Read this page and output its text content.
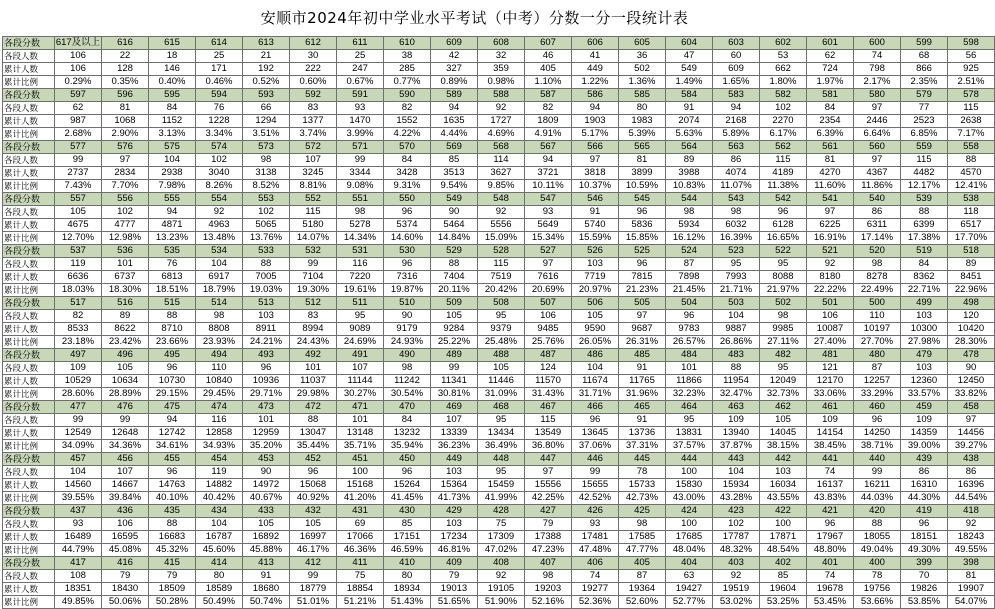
安顺市2024年初中学业水平考试（中考）分数一分一段统计表
各段分数	617及以上	616	615	614	613	612	611	610	609	608	607	606	605	604	603	602	601	600	599	598
各段人数	106	22	18	25	21	30	25	38	42	32	46	41	36	47	60	53	62	74	68	56
累计人数	106	128	146	171	192	222	247	285	327	359	405	449	502	549	609	662	724	798	866	925
累计比例	0.29%	0.35%	0.40%	0.46%	0.52%	0.60%	0.67%	0.77%	0.89%	0.98%	1.10%	1.22%	1.36%	1.49%	1.65%	1.80%	1.97%	2.17%	2.35%	2.51%
各段分数	597	596	595	594	593	592	591	590	589	588	587	586	585	584	583	582	581	580	579	578
各段人数	62	81	84	76	66	83	93	82	94	92	82	94	80	91	94	102	84	97	77	115
累计人数	987	1068	1152	1228	1294	1377	1470	1552	1635	1727	1809	1903	1983	2074	2168	2270	2354	2446	2523	2638
累计比例	2.68%	2.90%	3.13%	3.34%	3.51%	3.74%	3.99%	4.22%	4.44%	4.69%	4.91%	5.17%	5.39%	5.63%	5.89%	6.17%	6.39%	6.64%	6.85%	7.17%
各段分数	577	576	575	574	573	572	571	570	569	568	567	566	565	564	563	562	561	560	559	558
各段人数	99	97	104	102	98	107	99	84	85	114	94	97	81	89	86	115	81	97	115	88
累计人数	2737	2834	2938	3040	3138	3245	3344	3428	3513	3627	3721	3818	3899	3988	4074	4189	4270	4367	4482	4570
累计比例	7.43%	7.70%	7.98%	8.26%	8.52%	8.81%	9.08%	9.31%	9.54%	9.85%	10.11%	10.37%	10.59%	10.83%	11.07%	11.38%	11.60%	11.86%	12.17%	12.41%
各段分数	557	556	555	554	553	552	551	550	549	548	547	546	545	544	543	542	541	540	539	538
各段人数	105	102	94	92	102	115	98	96	90	92	93	91	96	98	98	96	97	86	88	118
累计人数	4675	4777	4871	4963	5065	5180	5278	5374	5464	5556	5649	5740	5836	5934	6032	6128	6225	6311	6399	6517
累计比例	12.70%	12.98%	13.23%	13.48%	13.76%	14.07%	14.34%	14.60%	14.84%	15.09%	15.34%	15.59%	15.85%	16.12%	16.39%	16.65%	16.91%	17.14%	17.38%	17.70%
各段分数	537	536	535	534	533	532	531	530	529	528	527	526	525	524	523	522	521	520	519	518
各段人数	119	101	76	104	88	99	116	96	88	115	97	103	96	87	95	95	92	98	84	89
累计人数	6636	6737	6813	6917	7005	7104	7220	7316	7404	7519	7616	7719	7815	7898	7993	8088	8180	8278	8362	8451
累计比例	18.03%	18.30%	18.51%	18.79%	19.03%	19.30%	19.61%	19.87%	20.11%	20.42%	20.69%	20.97%	21.23%	21.45%	21.71%	21.97%	22.22%	22.49%	22.71%	22.96%
各段分数	517	516	515	514	513	512	511	510	509	508	507	506	505	504	503	502	501	500	499	498
各段人数	82	89	88	98	103	83	95	90	105	95	106	105	97	96	104	98	106	110	103	120
累计人数	8533	8622	8710	8808	8911	8994	9089	9179	9284	9379	9485	9590	9687	9783	9887	9985	10087	10197	10300	10420
累计比例	23.18%	23.42%	23.66%	23.93%	24.21%	24.43%	24.69%	24.93%	25.22%	25.48%	25.76%	26.05%	26.31%	26.57%	26.86%	27.11%	27.40%	27.70%	27.98%	28.30%
各段分数	497	496	495	494	493	492	491	490	489	488	487	486	485	484	483	482	481	480	479	478
各段人数	109	105	96	110	96	101	107	98	99	105	124	104	91	101	88	95	121	87	103	90
累计人数	10529	10634	10730	10840	10936	11037	11144	11242	11341	11446	11570	11674	11765	11866	11954	12049	12170	12257	12360	12450
累计比例	28.60%	28.89%	29.15%	29.45%	29.71%	29.98%	30.27%	30.54%	30.81%	31.09%	31.43%	31.71%	31.96%	32.23%	32.47%	32.73%	33.06%	33.29%	33.57%	33.82%
各段分数	477	476	475	474	473	472	471	470	469	468	467	466	465	464	463	462	461	460	459	458
各段人数	99	99	94	116	101	88	101	84	107	95	115	96	91	95	109	105	109	96	109	97
累计人数	12549	12648	12742	12858	12959	13047	13148	13232	13339	13434	13549	13645	13736	13831	13940	14045	14154	14250	14359	14456
累计比例	34.09%	34.36%	34.61%	34.93%	35.20%	35.44%	35.71%	35.94%	36.23%	36.49%	36.80%	37.06%	37.31%	37.57%	37.87%	38.15%	38.45%	38.71%	39.00%	39.27%
各段分数	457	456	455	454	453	452	451	450	449	448	447	446	445	444	443	442	441	440	439	438
各段人数	104	107	96	119	90	96	100	96	103	95	97	99	78	100	104	103	74	99	86	86
累计人数	14560	14667	14763	14882	14972	15068	15168	15264	15364	15459	15556	15655	15733	15830	15934	16034	16137	16211	16310	16396
累计比例	39.55%	39.84%	40.10%	40.42%	40.67%	40.92%	41.20%	41.45%	41.73%	41.99%	42.25%	42.52%	42.73%	43.00%	43.28%	43.55%	43.83%	44.03%	44.30%	44.54%
各段分数	437	436	435	434	433	432	431	430	429	428	427	426	425	424	423	422	421	420	419	418
各段人数	93	106	88	104	105	105	69	85	103	75	79	93	98	100	102	100	96	88	96	92
累计人数	16489	16595	16683	16787	16892	16997	17066	17151	17234	17309	17388	17481	17585	17685	17787	17871	17967	18055	18151	18243
累计比例	44.79%	45.08%	45.32%	45.60%	45.88%	46.17%	46.36%	46.59%	46.81%	47.02%	47.23%	47.48%	47.77%	48.04%	48.32%	48.54%	48.80%	49.04%	49.30%	49.55%
各段分数	417	416	415	414	413	412	411	410	409	408	407	406	405	404	403	402	401	400	399	398
各段人数	108	79	79	80	91	99	75	80	79	92	98	74	87	63	92	85	74	78	70	81
累计人数	18351	18430	18509	18589	18680	18779	18854	18934	19013	19105	19203	19277	19364	19427	19519	19604	19678	19756	19826	19907
累计比例	49.85%	50.06%	50.28%	50.49%	50.74%	51.01%	51.21%	51.43%	51.65%	51.90%	52.16%	52.36%	52.60%	52.77%	53.02%	53.25%	53.45%	53.66%	53.85%	54.07%
